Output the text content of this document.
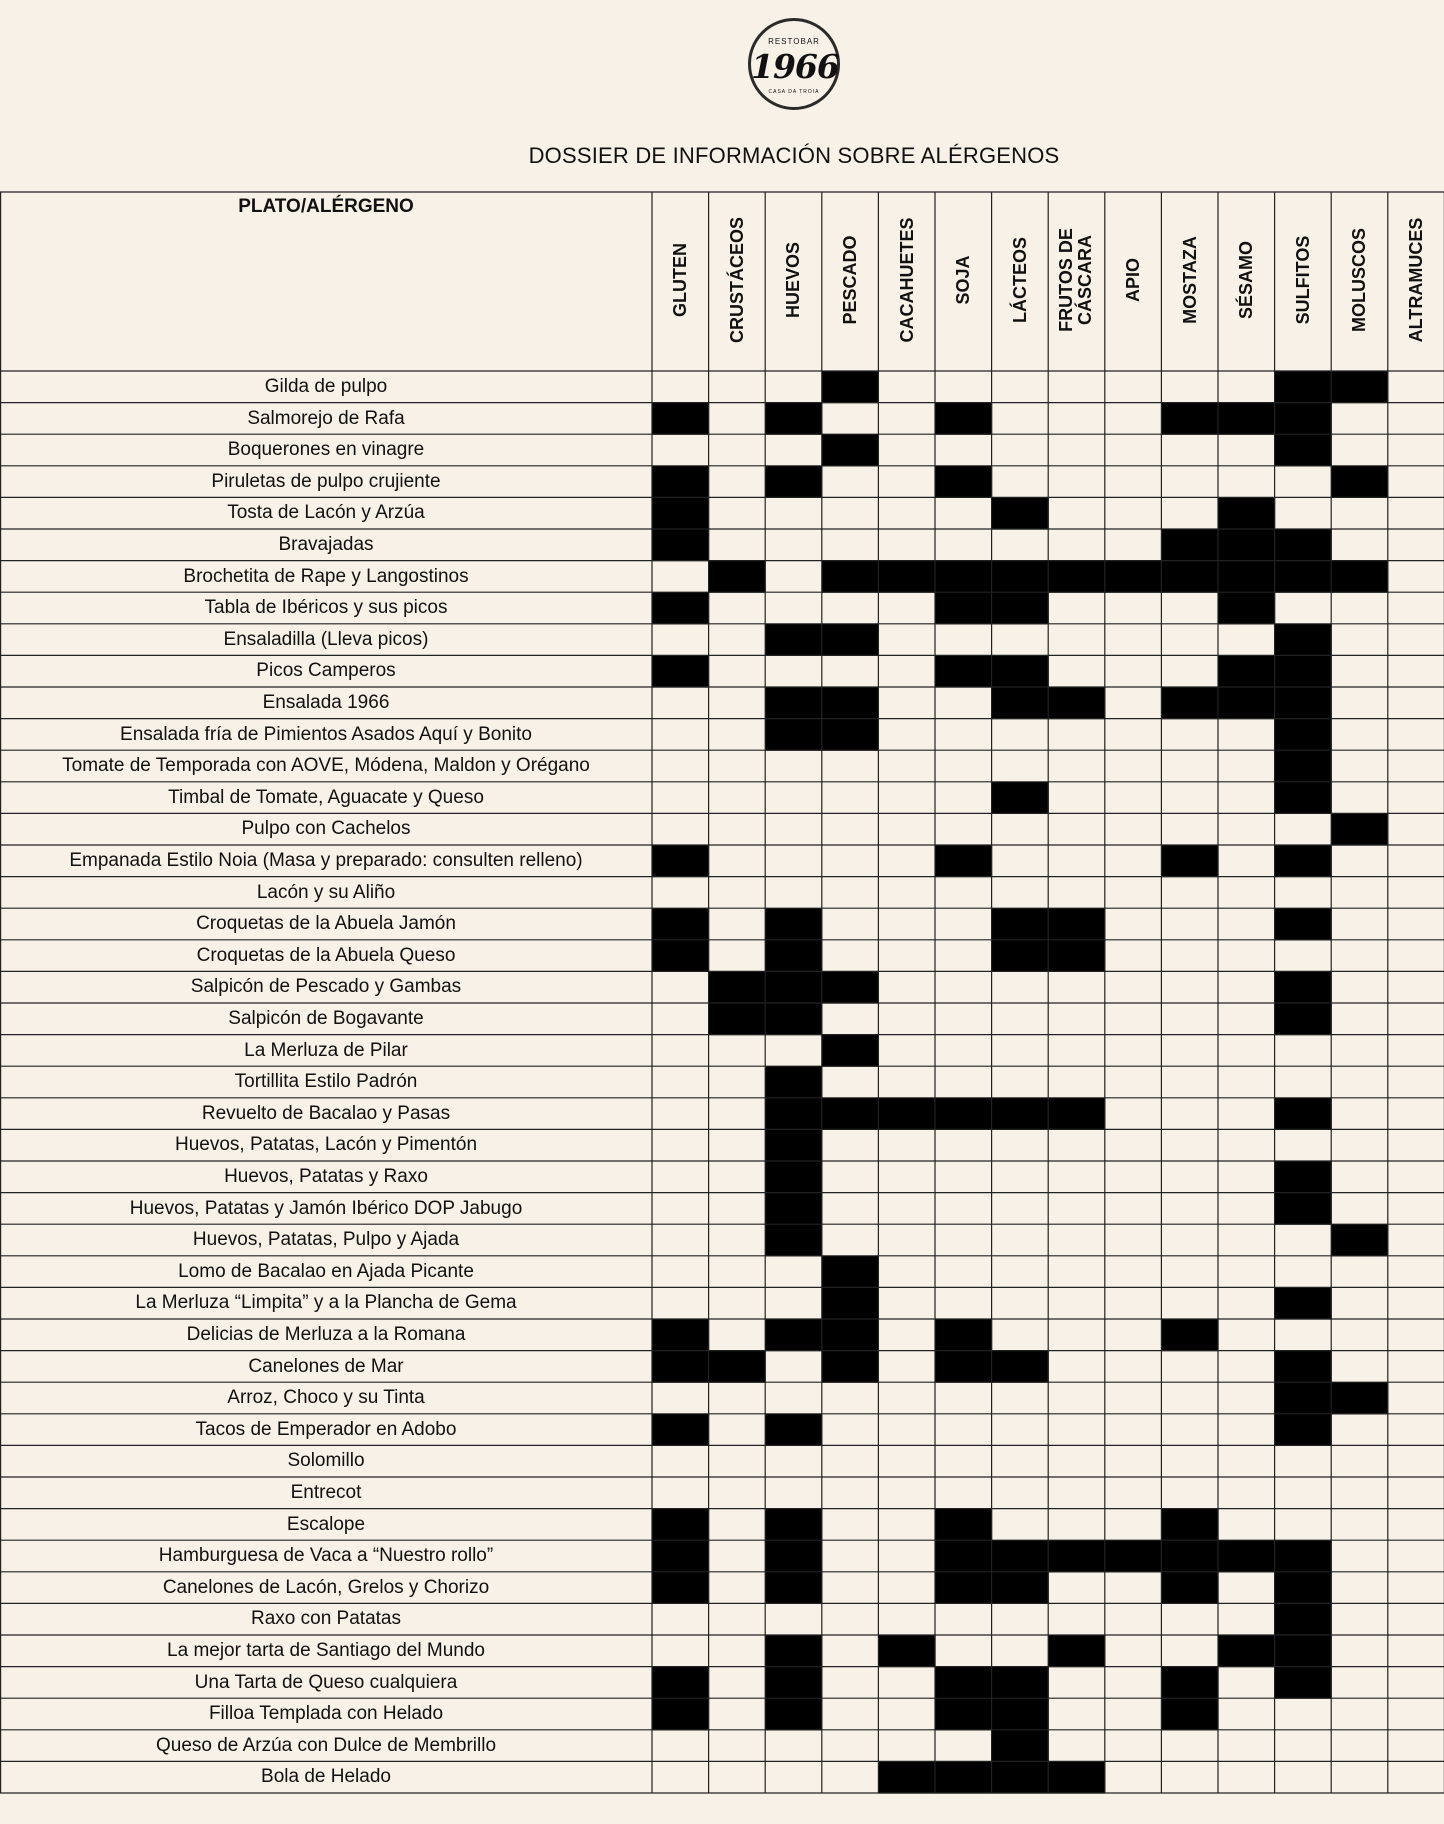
RESTOBAR
1966
CASA DA TROIA
DOSSIER DE INFORMACIÓN SOBRE ALÉRGENOS
PLATO/ALÉRGENO
GLUTEN CRUSTÁCEOS HUEVOS PESCADO CACAHUETES SOJA LÁCTEOS FRUTOS DE CÁSCARA APIO MOSTAZA SÉSAMO SULFITOS MOLUSCOS ALTRAMUCES
Gilda de pulpo
Salmorejo de Rafa
Boquerones en vinagre
Piruletas de pulpo crujiente
Tosta de Lacón y Arzúa
Bravajadas
Brochetita de Rape y Langostinos
Tabla de Ibéricos y sus picos
Ensaladilla (Lleva picos)
Picos Camperos
Ensalada 1966
Ensalada fría de Pimientos Asados Aquí y Bonito
Tomate de Temporada con AOVE, Módena, Maldon y Orégano
Timbal de Tomate, Aguacate y Queso
Pulpo con Cachelos
Empanada Estilo Noia (Masa y preparado: consulten relleno)
Lacón y su Aliño
Croquetas de la Abuela Jamón
Croquetas de la Abuela Queso
Salpicón de Pescado y Gambas
Salpicón de Bogavante
La Merluza de Pilar
Tortillita Estilo Padrón
Revuelto de Bacalao y Pasas
Huevos, Patatas, Lacón y Pimentón
Huevos, Patatas y Raxo
Huevos, Patatas y Jamón Ibérico DOP Jabugo
Huevos, Patatas, Pulpo y Ajada
Lomo de Bacalao en Ajada Picante
La Merluza “Limpita” y a la Plancha de Gema
Delicias de Merluza a la Romana
Canelones de Mar
Arroz, Choco y su Tinta
Tacos de Emperador en Adobo
Solomillo
Entrecot
Escalope
Hamburguesa de Vaca a “Nuestro rollo”
Canelones de Lacón, Grelos y Chorizo
Raxo con Patatas
La mejor tarta de Santiago del Mundo
Una Tarta de Queso cualquiera
Filloa Templada con Helado
Queso de Arzúa con Dulce de Membrillo
Bola de Helado
